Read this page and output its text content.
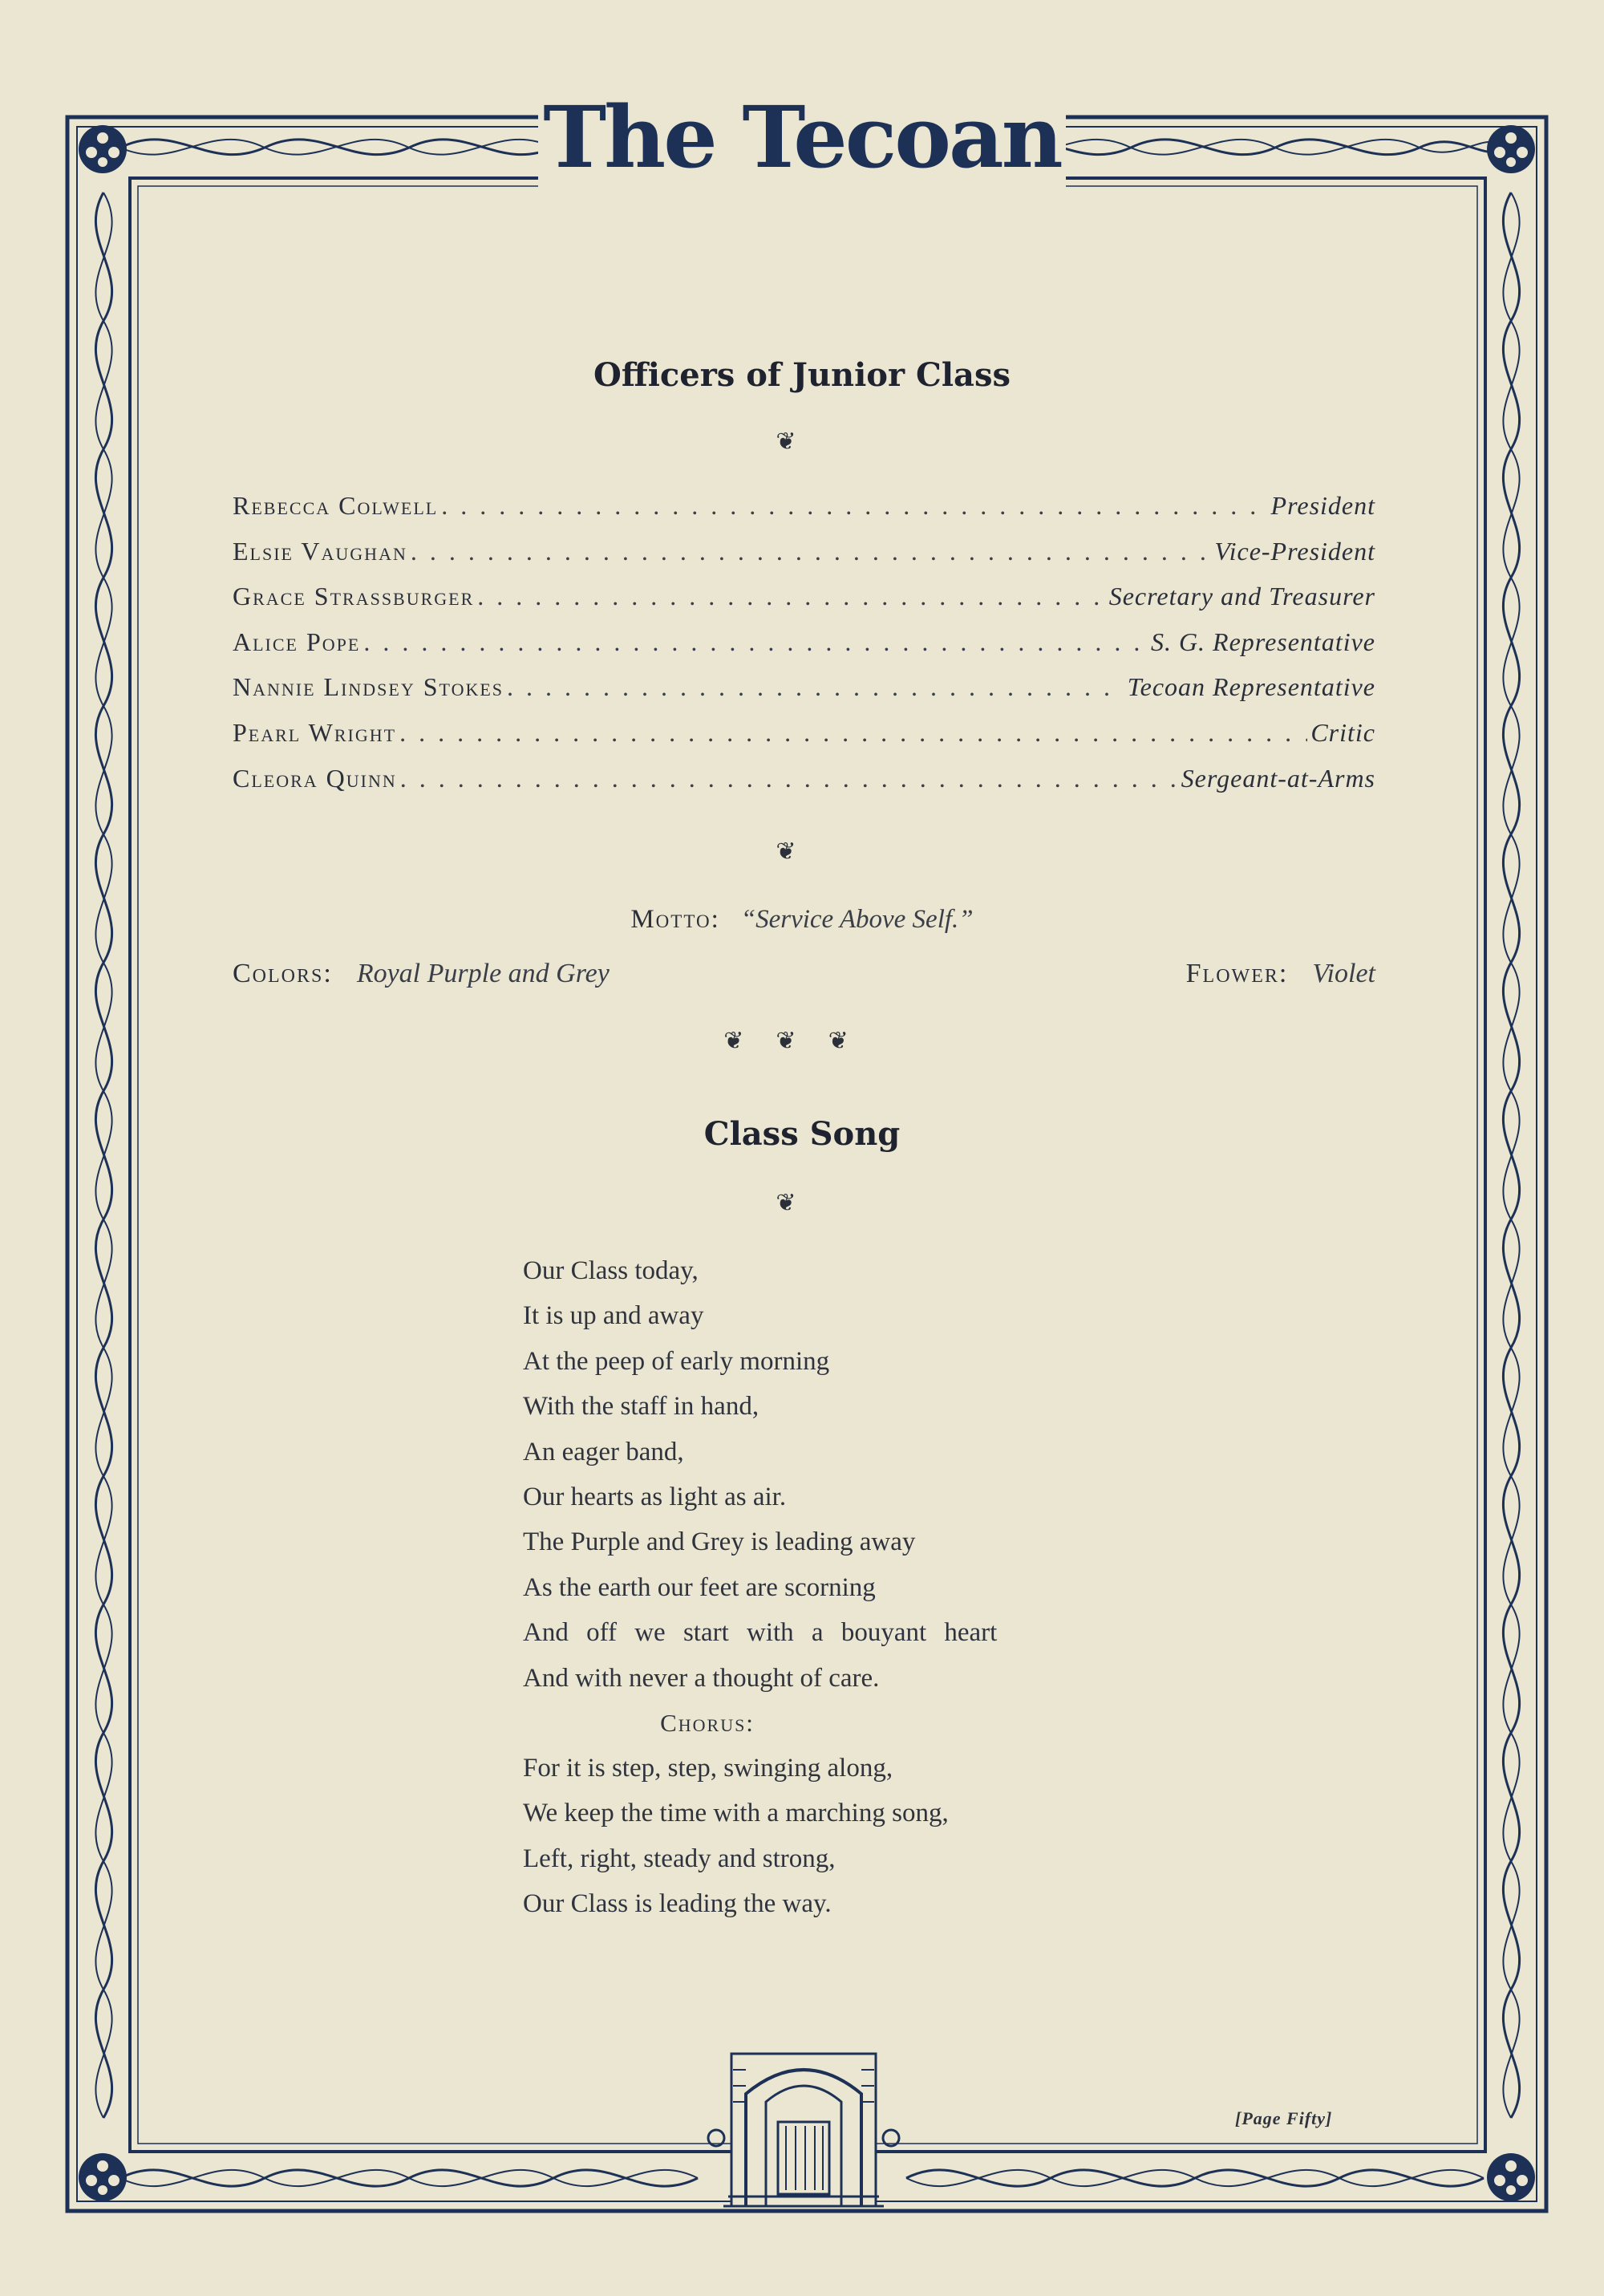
The Tecoan
Officers of Junior Class
❦
Rebecca Colwell . . .	President
Elsie Vaughan . . .	Vice-President
Grace Strassburger . . .	Secretary and Treasurer
Alice Pope . . .	S. G. Representative
Nannie Lindsey Stokes . . .	Tecoan Representative
Pearl Wright . . .	Critic
Cleora Quinn . . .	Sergeant-at-Arms
❦
Motto: “Service Above Self.”
Colors: Royal Purple and Grey	Flower: Violet
❦❦❦
Class Song
❦
Our Class today,
It is up and away
At the peep of early morning
With the staff in hand,
An eager band,
Our hearts as light as air.
The Purple and Grey is leading away
As the earth our feet are scorning
And off we start with a bouyant heart
And with never a thought of care.
Chorus:
For it is step, step, swinging along,
We keep the time with a marching song,
Left, right, steady and strong,
Our Class is leading the way.
[Page Fifty]
